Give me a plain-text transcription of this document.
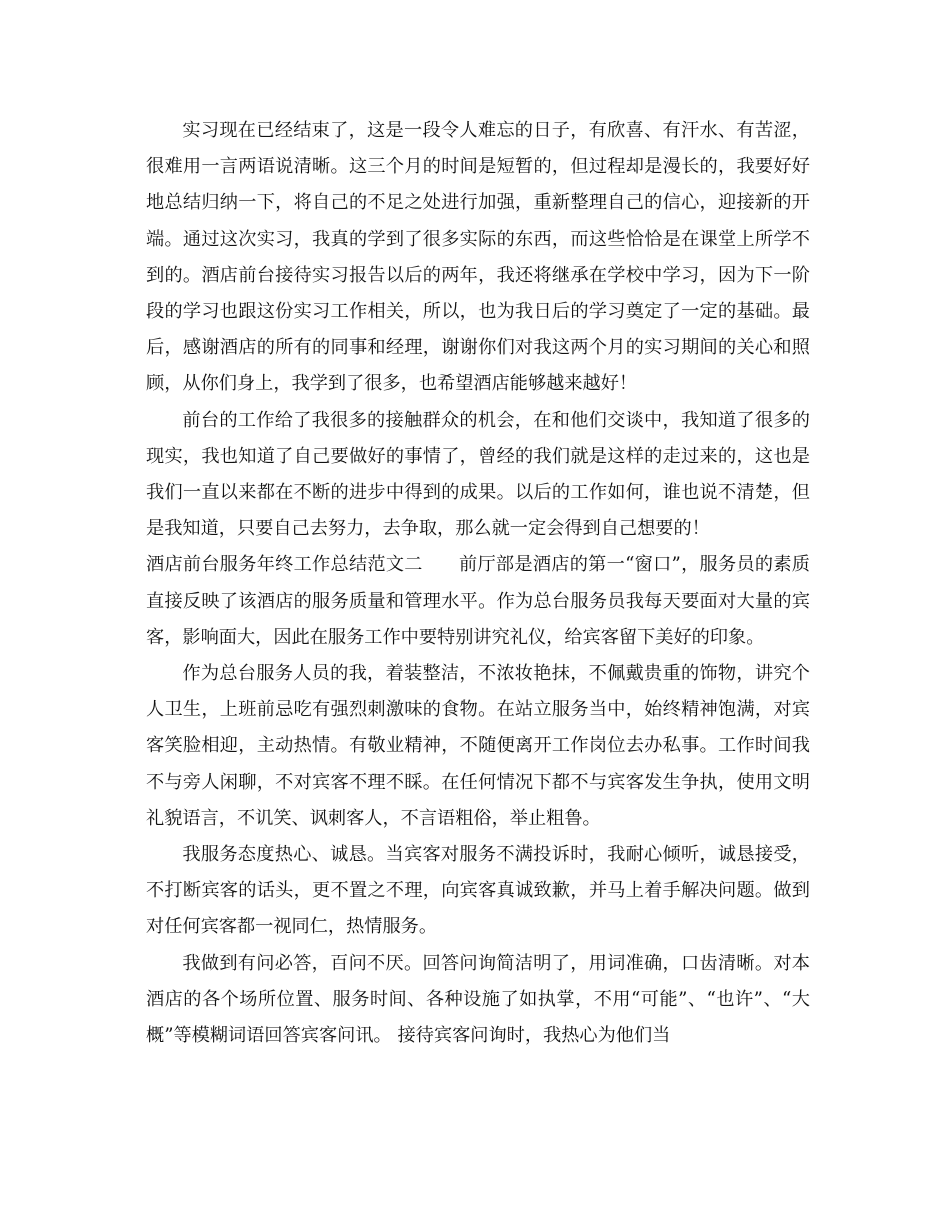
实习现在已经结束了，这是一段令人难忘的日子，有欣喜、有汗水、有苦涩，很难用一言两语说清晰。这三个月的时间是短暂的，但过程却是漫长的，我要好好地总结归纳一下，将自己的不足之处进行加强，重新整理自己的信心，迎接新的开端。通过这次实习，我真的学到了很多实际的东西，而这些恰恰是在课堂上所学不到的。酒店前台接待实习报告以后的两年，我还将继承在学校中学习，因为下一阶段的学习也跟这份实习工作相关，所以，也为我日后的学习奠定了一定的基础。最后，感谢酒店的所有的同事和经理，谢谢你们对我这两个月的实习期间的关心和照顾，从你们身上，我学到了很多，也希望酒店能够越来越好！

前台的工作给了我很多的接触群众的机会，在和他们交谈中，我知道了很多的现实，我也知道了自己要做好的事情了，曾经的我们就是这样的走过来的，这也是我们一直以来都在不断的进步中得到的成果。以后的工作如何，谁也说不清楚，但是我知道，只要自己去努力，去争取，那么就一定会得到自己想要的！

酒店前台服务年终工作总结范文二 前厅部是酒店的第一“窗口”，服务员的素质直接反映了该酒店的服务质量和管理水平。作为总台服务员我每天要面对大量的宾客，影响面大，因此在服务工作中要特别讲究礼仪，给宾客留下美好的印象。

作为总台服务人员的我，着装整洁，不浓妆艳抹，不佩戴贵重的饰物，讲究个人卫生，上班前忌吃有强烈刺激味的食物。在站立服务当中，始终精神饱满，对宾客笑脸相迎，主动热情。有敬业精神，不随便离开工作岗位去办私事。工作时间我不与旁人闲聊，不对宾客不理不睬。在任何情况下都不与宾客发生争执，使用文明礼貌语言，不讥笑、讽刺客人，不言语粗俗，举止粗鲁。

我服务态度热心、诚恳。当宾客对服务不满投诉时，我耐心倾听，诚恳接受，不打断宾客的话头，更不置之不理，向宾客真诚致歉，并马上着手解决问题。做到对任何宾客都一视同仁，热情服务。

我做到有问必答，百问不厌。回答问询简洁明了，用词准确，口齿清晰。对本酒店的各个场所位置、服务时间、各种设施了如执掌，不用“可能”、“也许”、“大概”等模糊词语回答宾客问讯。 接待宾客问询时，我热心为他们当
